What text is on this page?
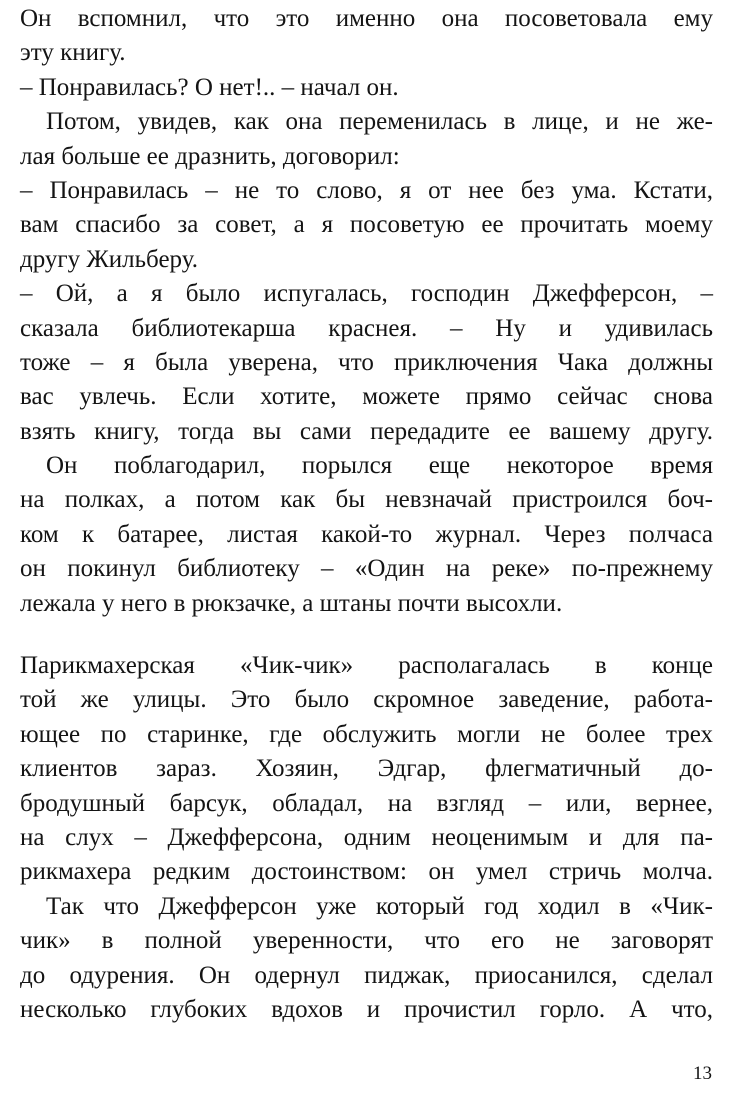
Он вспомнил, что это именно она посоветовала ему
эту книгу.
– Понравилась? О нет!.. – начал он.
Потом, увидев, как она переменилась в лице, и не же-
лая больше ее дразнить, договорил:
– Понравилась – не то слово, я от нее без ума. Кстати,
вам спасибо за совет, а я посоветую ее прочитать моему
другу Жильберу.
– Ой, а я было испугалась, господин Джефферсон, –
сказала библиотекарша краснея. – Ну и удивилась
тоже – я была уверена, что приключения Чака должны
вас увлечь. Если хотите, можете прямо сейчас снова
взять книгу, тогда вы сами передадите ее вашему другу.
Он поблагодарил, порылся еще некоторое время
на полках, а потом как бы невзначай пристроился боч-
ком к батарее, листая какой-то журнал. Через полчаса
он покинул библиотеку – «Один на реке» по-прежнему
лежала у него в рюкзачке, а штаны почти высохли.
Парикмахерская «Чик-чик» располагалась в конце
той же улицы. Это было скромное заведение, работа-
ющее по старинке, где обслужить могли не более трех
клиентов зараз. Хозяин, Эдгар, флегматичный до-
бродушный барсук, обладал, на взгляд – или, вернее,
на слух – Джефферсона, одним неоценимым и для па-
рикмахера редким достоинством: он умел стричь молча.
Так что Джефферсон уже который год ходил в «Чик-
чик» в полной уверенности, что его не заговорят
до одурения. Он одернул пиджак, приосанился, сделал
несколько глубоких вдохов и прочистил горло. А что,
13
